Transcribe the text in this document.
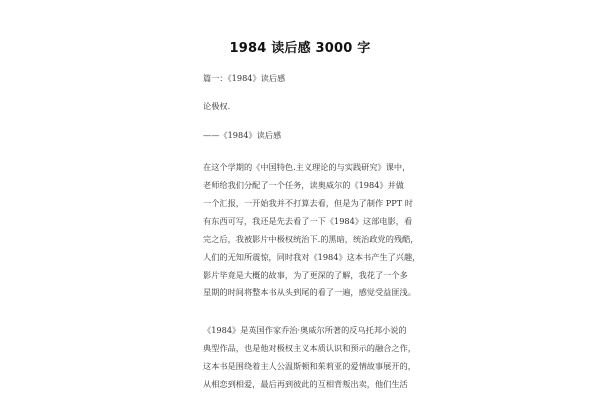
1984 读后感 3000 字
篇一：《1984》读后感
论极权.
——《1984》读后感
在这个学期的《中国特色.主义理论的与实践研究》课中，
老师给我们分配了一个任务，读奥威尔的《1984》并做
一个汇报，一开始我并不打算去看，但是为了制作 PPT 时
有东西可写，我还是先去看了一下《1984》这部电影，看
完之后，我被影片中极权统治下.的黑暗，统治政党的残酷，
人们的无知所震惊，同时我对《1984》这本书产生了兴趣，
影片毕竟是大概的故事，为了更深的了解，我花了一个多
星期的时间将整本书从头到尾的看了一遍，感觉受益匪浅。
《1984》是英国作家乔治·奥威尔所著的反乌托邦小说的
典型作品，也是他对极权主义本质认识和预示的融合之作，
这本书是围绕着主人公温斯顿和茱莉亚的爱情故事展开的，
从相恋到相爱，最后再到彼此的互相背叛出卖，他们生活
